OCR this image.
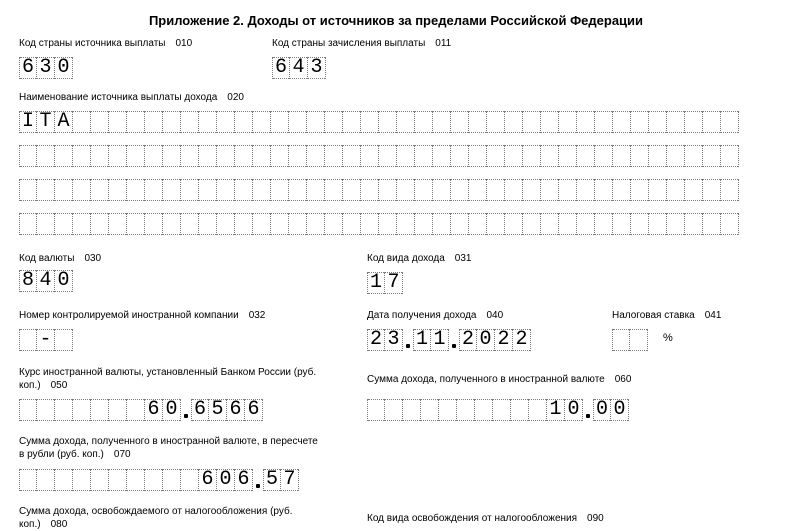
Приложение 2. Доходы от источников за пределами Российской Федерации
Код страны источника выплаты 010
6 3 0
Код страны зачисления выплаты 011
6 4 3
Наименование источника выплаты дохода 020
I T A
Код валюты 030
8 4 0
Код вида дохода 031
1 7
Номер контролируемой иностранной компании 032
-
Дата получения дохода 040
2 3 1 1 2 0 2 2
Налоговая ставка 041
%
Курс иностранной валюты, установленный Банком России (руб. коп.) 050
6 0 6 5 6 6
Сумма дохода, полученного в иностранной валюте 060
1 0 0 0
Сумма дохода, полученного в иностранной валюте, в пересчете в рубли (руб. коп.) 070
6 0 6 5 7
Сумма дохода, освобождаемого от налогообложения (руб. коп.) 080
Код вида освобождения от налогообложения 090
